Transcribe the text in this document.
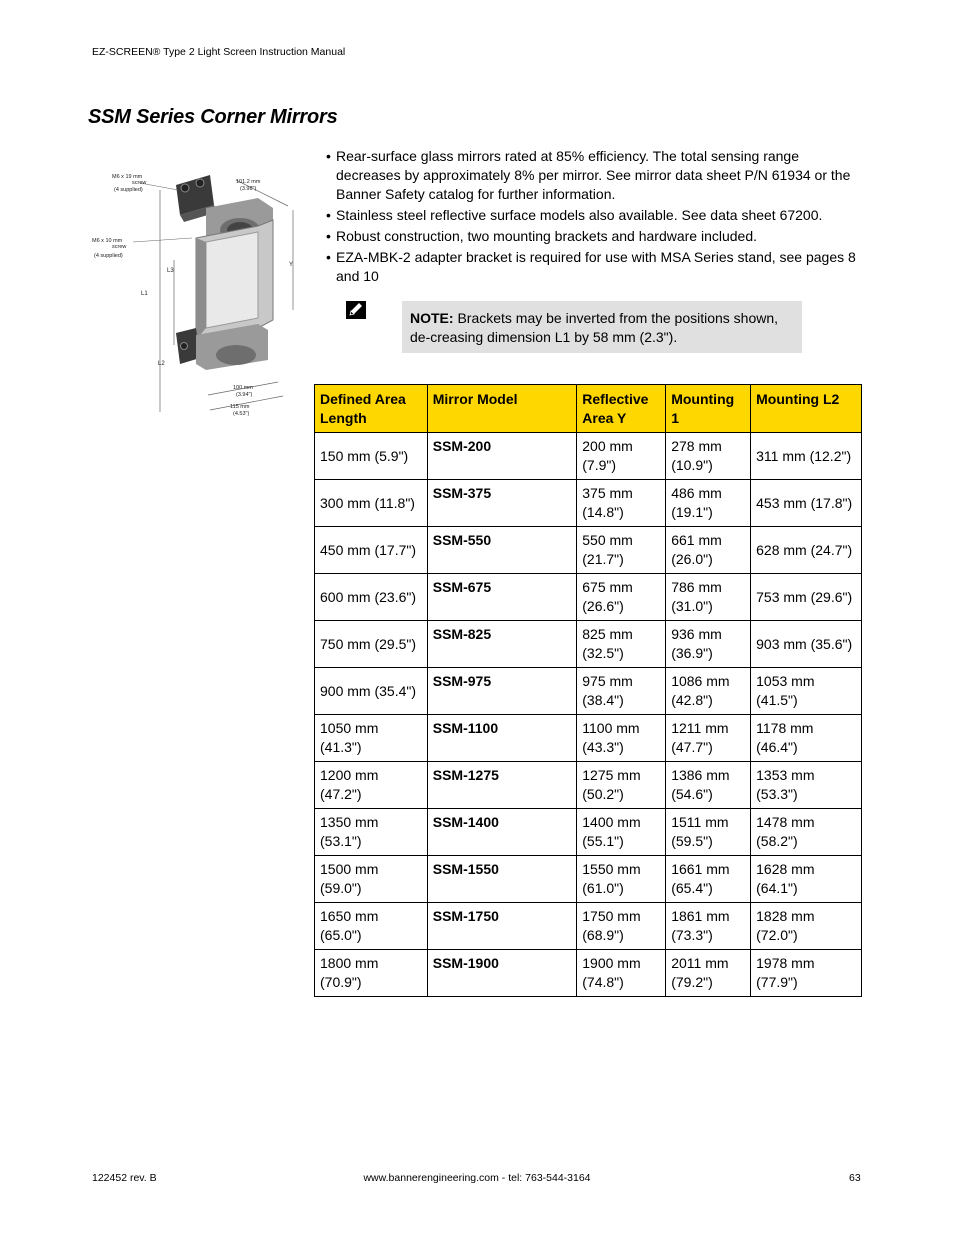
EZ-SCREEN® Type 2 Light Screen Instruction Manual
SSM Series Corner Mirrors
M6 x 19 mm
screw
(4 supplied)
M6 x 10 mm
screw
(4 supplied)
101.2 mm
(3.98")
100 mm
(3.94")
115 mm
(4.53")
L1
L2
L3
Y
• Rear-surface glass mirrors rated at 85% efficiency. The total sensing range decreases by approximately 8% per mirror. See mirror data sheet P/N 61934 or the Banner Safety catalog for further information.
• Stainless steel reflective surface models also available. See data sheet 67200.
• Robust construction, two mounting brackets and hardware included.
• EZA-MBK-2 adapter bracket is required for use with MSA Series stand, see pages 8 and 10
NOTE: Brackets may be inverted from the positions shown, de-creasing dimension L1 by 58 mm (2.3").
Defined Area Length	Mirror Model	Reflective Area Y	Mounting 1	Mounting L2
150 mm (5.9")	SSM-200	200 mm (7.9")	278 mm (10.9")	311 mm (12.2")
300 mm (11.8")	SSM-375	375 mm (14.8")	486 mm (19.1")	453 mm (17.8")
450 mm (17.7")	SSM-550	550 mm (21.7")	661 mm (26.0")	628 mm (24.7")
600 mm (23.6")	SSM-675	675 mm (26.6")	786 mm (31.0")	753 mm (29.6")
750 mm (29.5")	SSM-825	825 mm (32.5")	936 mm (36.9")	903 mm (35.6")
900 mm (35.4")	SSM-975	975 mm (38.4")	1086 mm (42.8")	1053 mm (41.5")
1050 mm (41.3")	SSM-1100	1100 mm (43.3")	1211 mm (47.7")	1178 mm (46.4")
1200 mm (47.2")	SSM-1275	1275 mm (50.2")	1386 mm (54.6")	1353 mm (53.3")
1350 mm (53.1")	SSM-1400	1400 mm (55.1")	1511 mm (59.5")	1478 mm (58.2")
1500 mm (59.0")	SSM-1550	1550 mm (61.0")	1661 mm (65.4")	1628 mm (64.1")
1650 mm (65.0")	SSM-1750	1750 mm (68.9")	1861 mm (73.3")	1828 mm (72.0")
1800 mm (70.9")	SSM-1900	1900 mm (74.8")	2011 mm (79.2")	1978 mm (77.9")
122452 rev. B	www.bannerengineering.com - tel: 763-544-3164	63
